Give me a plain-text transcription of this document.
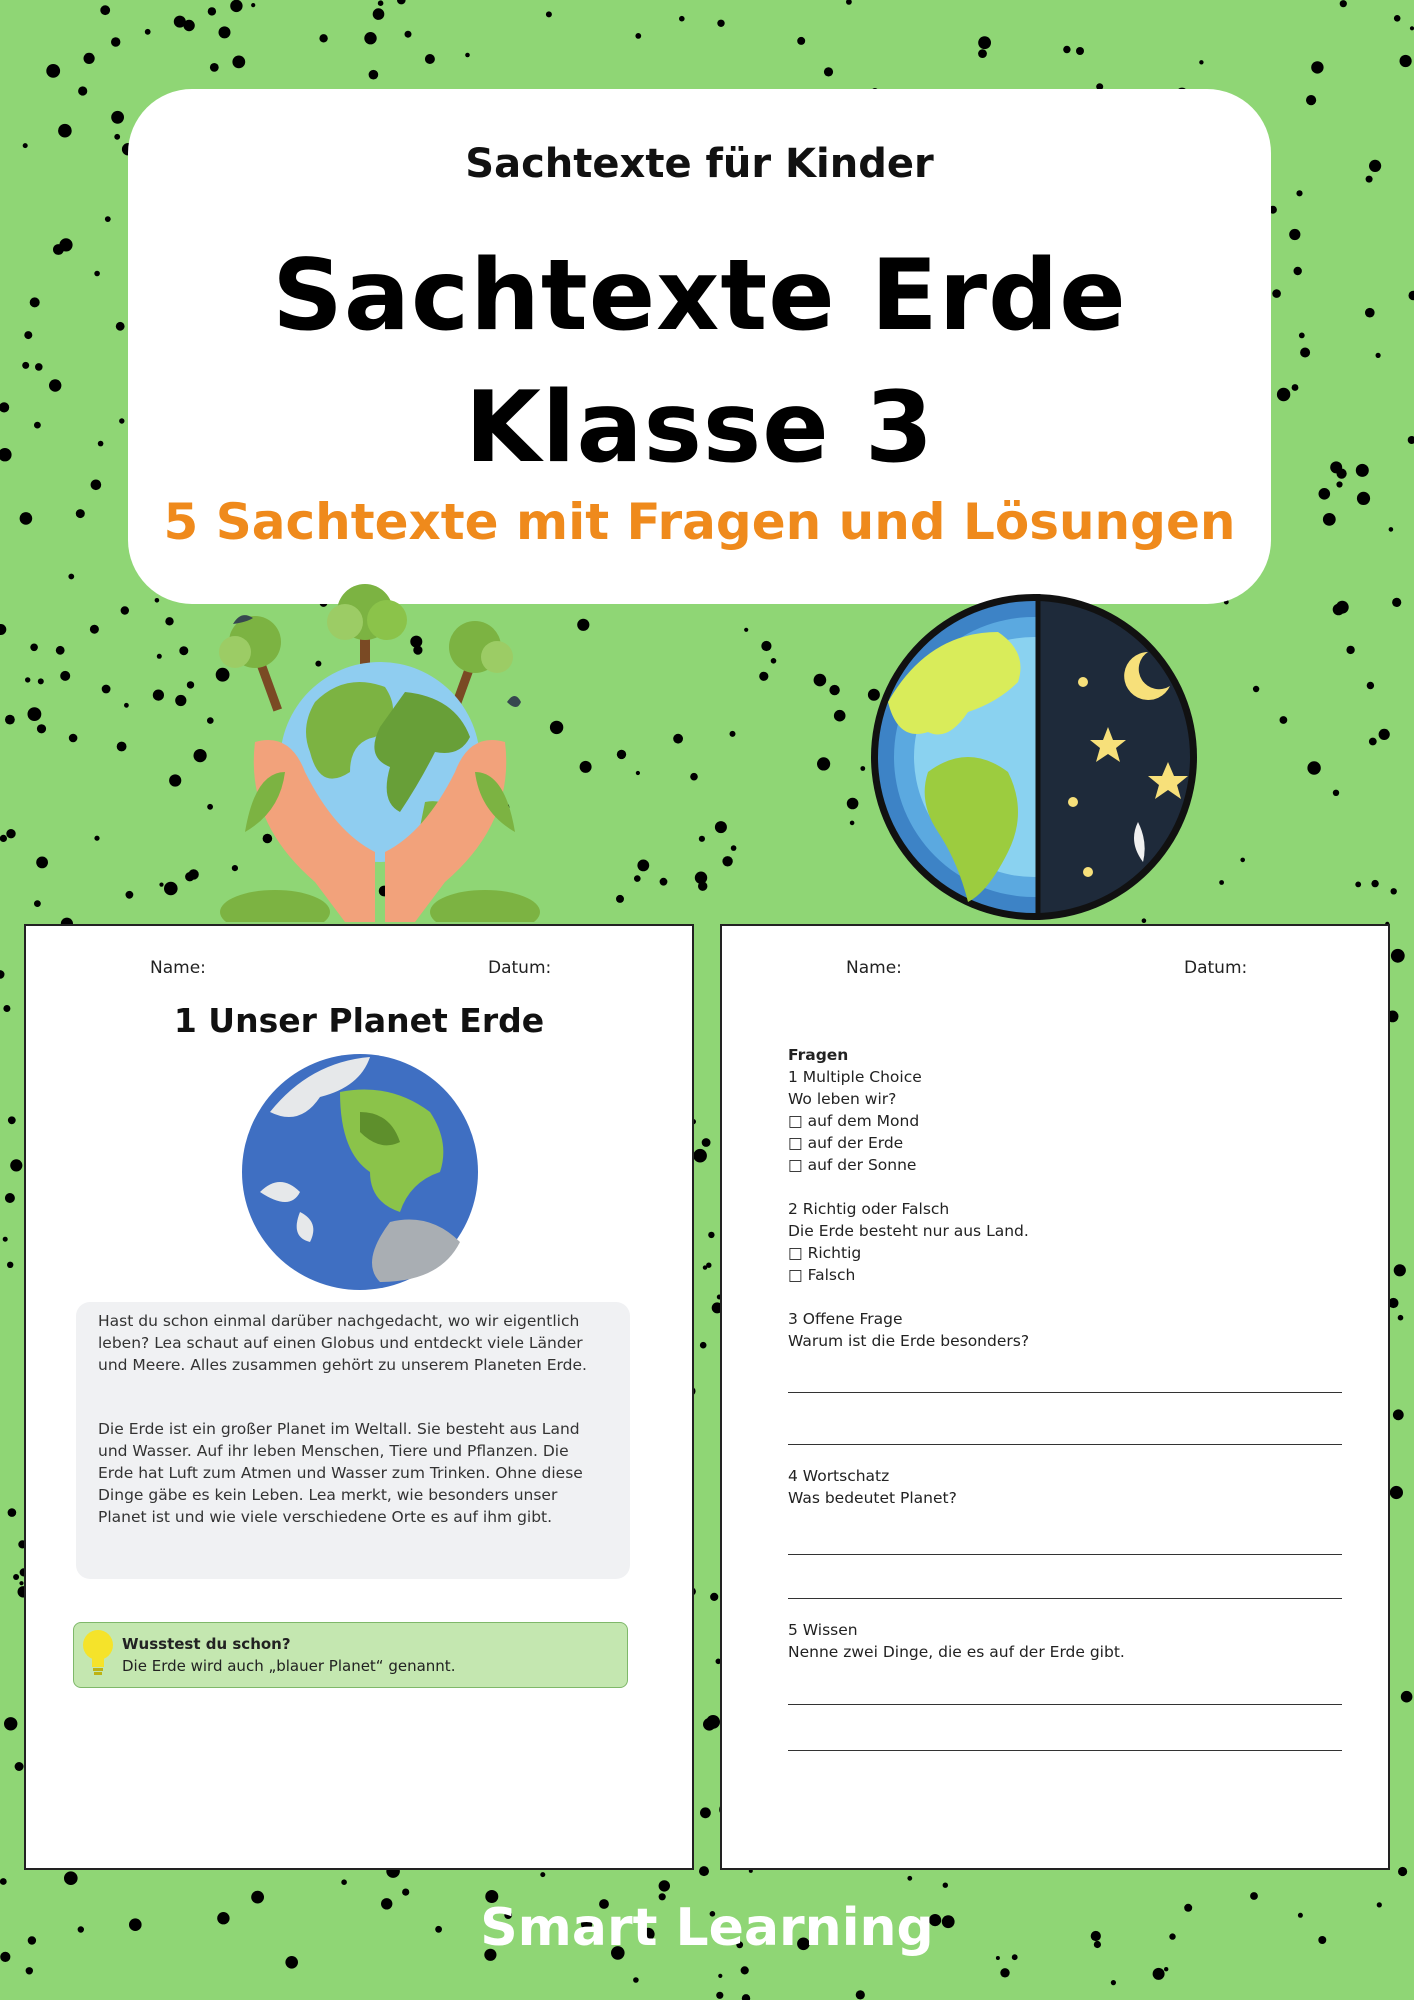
Sachtexte für Kinder
Sachtexte Erde
Klasse 3
5 Sachtexte mit Fragen und Lösungen
Name:	Datum:
1 Unser Planet Erde

Hast du schon einmal darüber nachgedacht, wo wir eigentlich leben? Lea schaut auf einen Globus und entdeckt viele Länder und Meere. Alles zusammen gehört zu unserem Planeten Erde.

Die Erde ist ein großer Planet im Weltall. Sie besteht aus Land und Wasser. Auf ihr leben Menschen, Tiere und Pflanzen. Die Erde hat Luft zum Atmen und Wasser zum Trinken. Ohne diese Dinge gäbe es kein Leben. Lea merkt, wie besonders unser Planet ist und wie viele verschiedene Orte es auf ihm gibt.

Wusstest du schon?
Die Erde wird auch „blauer Planet“ genannt.
Name:	Datum:
Fragen
1 Multiple Choice
Wo leben wir?
□ auf dem Mond
□ auf der Erde
□ auf der Sonne
2 Richtig oder Falsch
Die Erde besteht nur aus Land.
□ Richtig
□ Falsch
3 Offene Frage
Warum ist die Erde besonders?
4 Wortschatz
Was bedeutet Planet?
5 Wissen
Nenne zwei Dinge, die es auf der Erde gibt.
Smart Learning
